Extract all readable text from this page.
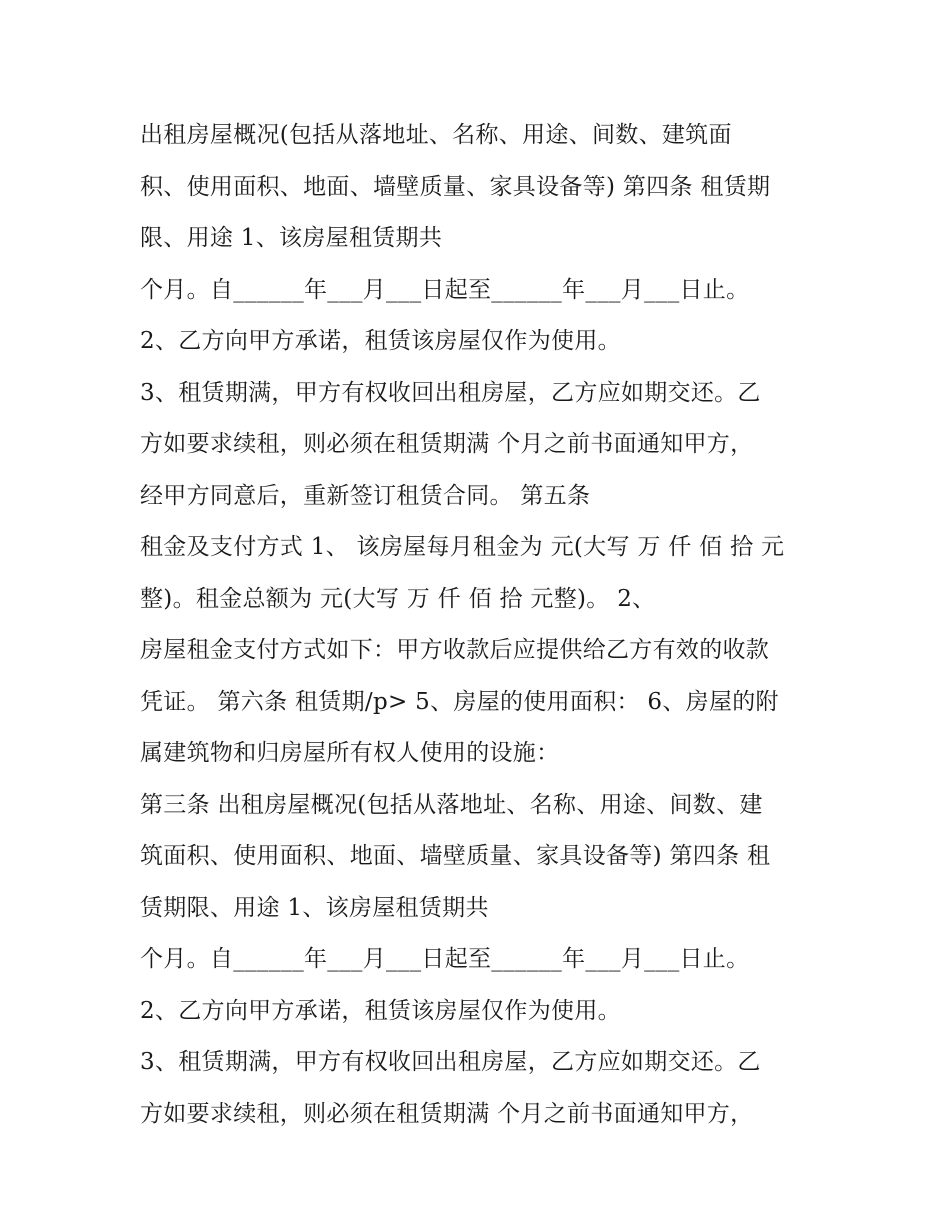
出租房屋概况(包括从落地址、名称、用途、间数、建筑面
积、使用面积、地面、墙壁质量、家具设备等) 第四条 租赁期
限、用途 1、该房屋租赁期共
个月。自______年___月___日起至______年___月___日止。
2、乙方向甲方承诺，租赁该房屋仅作为使用。
3、租赁期满，甲方有权收回出租房屋，乙方应如期交还。乙
方如要求续租，则必须在租赁期满 个月之前书面通知甲方，
经甲方同意后，重新签订租赁合同。 第五条
租金及支付方式 1、 该房屋每月租金为 元(大写 万 仟 佰 拾 元
整)。租金总额为 元(大写 万 仟 佰 拾 元整)。 2、
房屋租金支付方式如下：甲方收款后应提供给乙方有效的收款
凭证。 第六条 租赁期/p> 5、房屋的使用面积： 6、房屋的附
属建筑物和归房屋所有权人使用的设施：
第三条 出租房屋概况(包括从落地址、名称、用途、间数、建
筑面积、使用面积、地面、墙壁质量、家具设备等) 第四条 租
赁期限、用途 1、该房屋租赁期共
个月。自______年___月___日起至______年___月___日止。
2、乙方向甲方承诺，租赁该房屋仅作为使用。
3、租赁期满，甲方有权收回出租房屋，乙方应如期交还。乙
方如要求续租，则必须在租赁期满 个月之前书面通知甲方，
